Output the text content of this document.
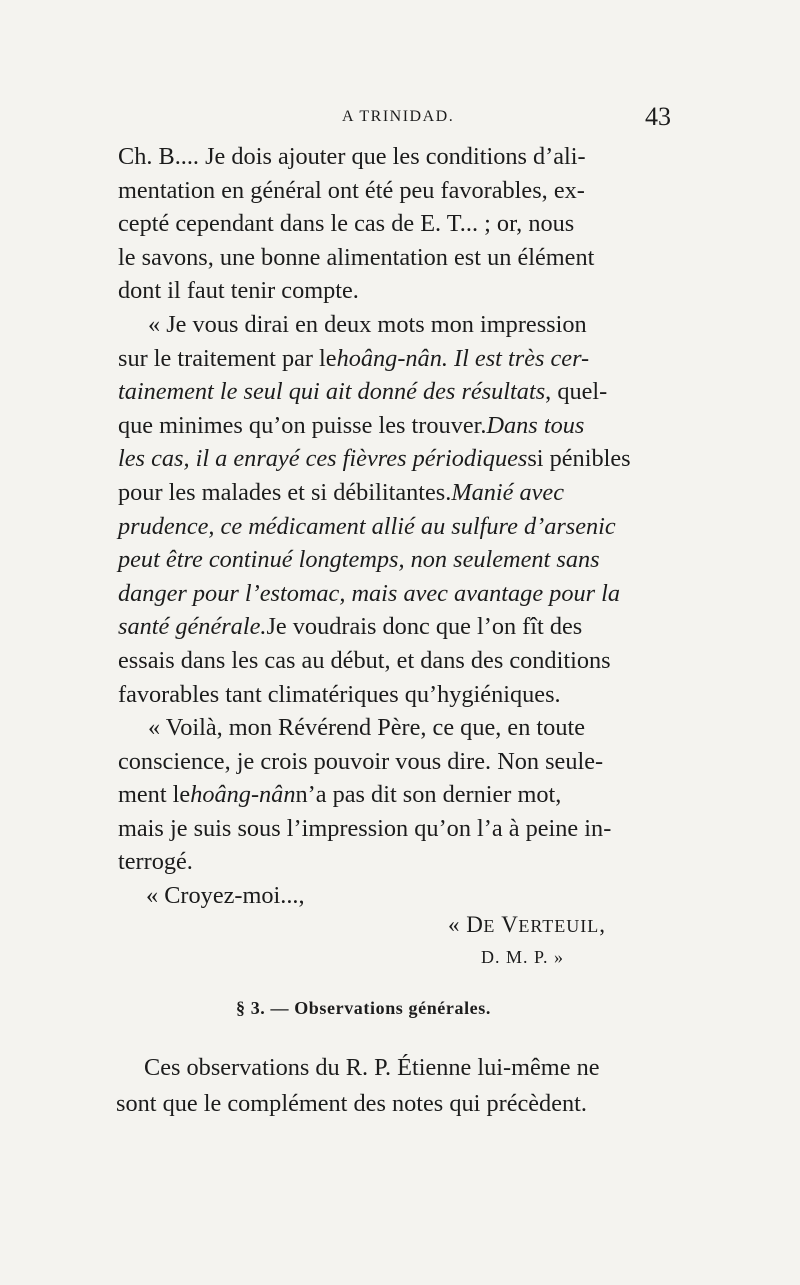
A TRINIDAD.	43
Ch. B.... Je dois ajouter que les conditions d’ali-
mentation en général ont été peu favorables, ex-
cepté cependant dans le cas de E. T... ; or, nous
le savons, une bonne alimentation est un élément
dont il faut tenir compte.
« Je vous dirai en deux mots mon impression
sur le traitement par le hoâng-nân. Il est très cer-
tainement le seul qui ait donné des résultats , quel-
que minimes qu’on puisse les trouver. Dans tous
les cas, il a enrayé ces fièvres périodiques si pénibles
pour les malades et si débilitantes. Manié avec
prudence, ce médicament allié au sulfure d’arsenic
peut être continué longtemps, non seulement sans
danger pour l’estomac, mais avec avantage pour la
santé générale. Je voudrais donc que l’on fît des
essais dans les cas au début, et dans des conditions
favorables tant climatériques qu’hygiéniques.
« Voilà, mon Révérend Père, ce que, en toute
conscience, je crois pouvoir vous dire. Non seule-
ment le hoâng-nân n’a pas dit son dernier mot,
mais je suis sous l’impression qu’on l’a à peine in-
terrogé.
« Croyez-moi...,
« DE VERTEUIL,
D. M. P. »
§ 3. — Observations générales.
Ces observations du R. P. Étienne lui-même ne
sont que le complément des notes qui précèdent.
